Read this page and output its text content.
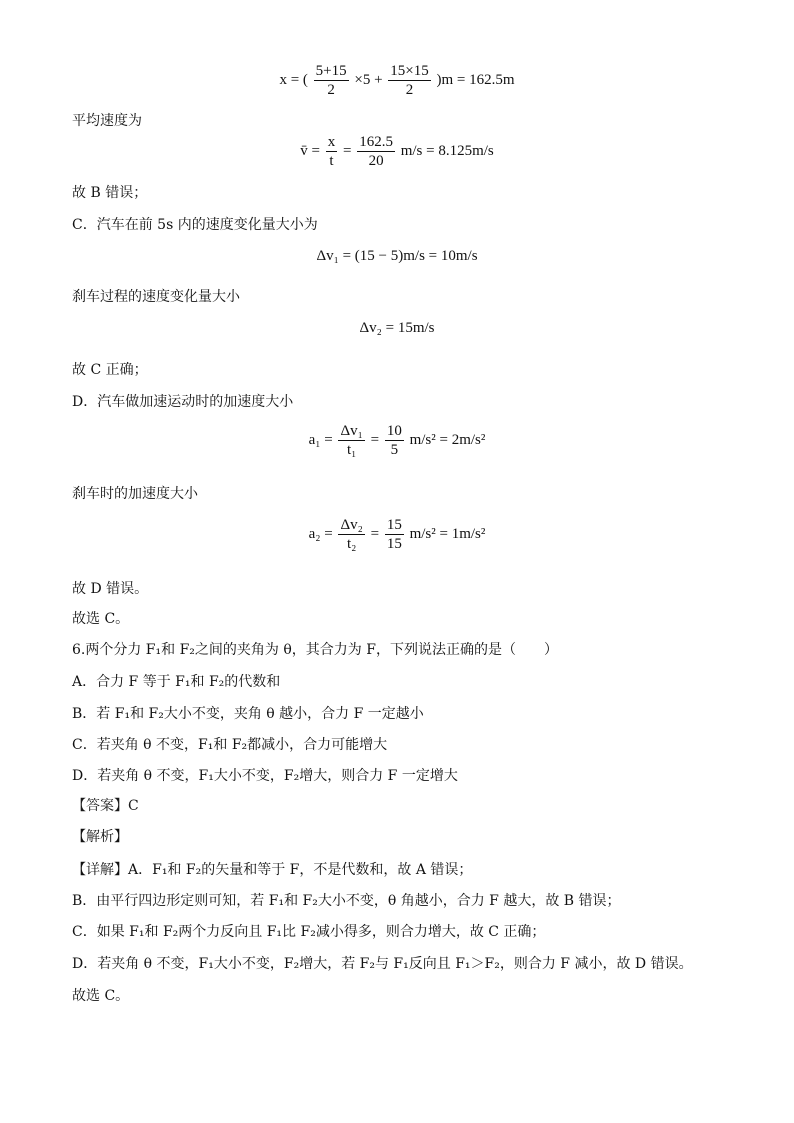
x = ( $\frac{5+15}{2} \times 5 + \frac{15\times 15}{2} )m = 162.5m$
平均速度为
v̄ = $\frac{x}{t} = \frac{162.5}{20} m/s = 8.125m/s$
故 B 错误；
C．汽车在前 5s 内的速度变化量大小为
Δv₁ = (15 − 5)m/s = 10m/s
刹车过程的速度变化量大小
Δv₂ = 15m/s
故 C 正确；
D．汽车做加速运动时的加速度大小
$a_1 = \frac{\text{Δv₁}}{\text{t₁}} = \frac{10}{5} m/s^2 = 2m/s^2$
刹车时的加速度大小
$a_2 = \frac{\text{Δv₂}}{\text{t₂}} = \frac{15}{15} m/s^2 = 1m/s^2$
故 D 错误。
故选 C。
6.两个分力 F₁和 F₂之间的夹角为 θ，其合力为 F，下列说法正确的是（　　）
A．合力 F 等于 F₁和 F₂的代数和
B．若 F₁和 F₂大小不变，夹角 θ 越小，合力 F 一定越小
C．若夹角 θ 不变，F₁和 F₂都减小，合力可能增大
D．若夹角 θ 不变，F₁大小不变，F₂增大，则合力 F 一定增大
【答案】C
【解析】
【详解】A．F₁和 F₂的矢量和等于 F，不是代数和，故 A 错误；
B．由平行四边形定则可知，若 F₁和 F₂大小不变，θ 角越小，合力 F 越大，故 B 错误；
C．如果 F₁和 F₂两个力反向且 F₁比 F₂减小得多，则合力增大，故 C 正确；
D．若夹角 θ 不变，F₁大小不变，F₂增大，若 F₂与 F₁反向且 F₁＞F₂，则合力 F 减小，故 D 错误。
故选 C。
